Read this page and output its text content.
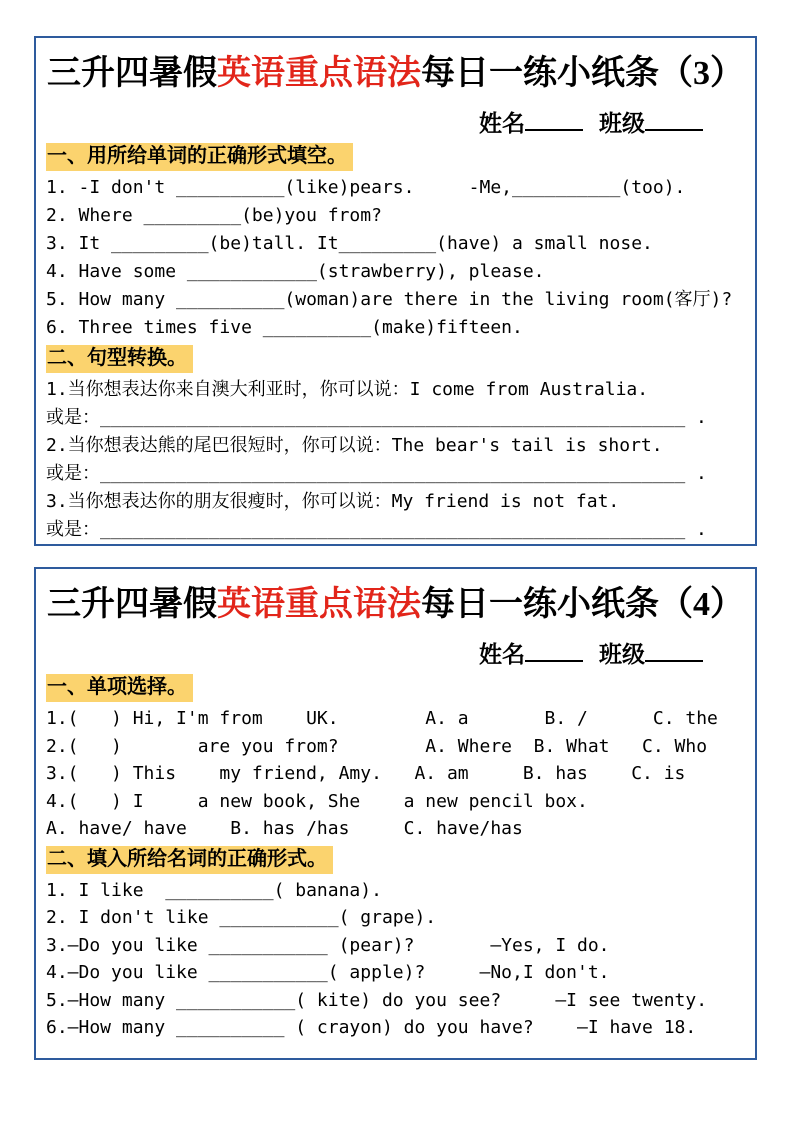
三升四暑假英语重点语法每日一练小纸条（3）
姓名	班级
一、用所给单词的正确形式填空。
1. -I don't __________(like)pears.     -Me,__________(too).
2. Where _________(be)you from?
3. It _________(be)tall. It_________(have) a small nose.
4. Have some ____________(strawberry), please.
5. How many __________(woman)are there in the living room(客厅)?
6. Three times five __________(make)fifteen.
二、句型转换。
1.当你想表达你来自澳大利亚时，你可以说：I come from Australia.
或是：______________________________________________________ .
2.当你想表达熊的尾巴很短时，你可以说：The bear's tail is short.
或是：______________________________________________________ .
3.当你想表达你的朋友很瘦时，你可以说：My friend is not fat.
或是：______________________________________________________ .
三升四暑假英语重点语法每日一练小纸条（4）
姓名	班级
一、单项选择。
1.(   ) Hi, I'm from    UK.        A. a       B. /      C. the
2.(   )       are you from?        A. Where  B. What   C. Who
3.(   ) This    my friend, Amy.   A. am     B. has    C. is
4.(   ) I     a new book, She    a new pencil box.
A. have/ have    B. has /has     C. have/has
二、填入所给名词的正确形式。
1. I like  __________( banana).
2. I don't like ___________( grape).
3.—Do you like ___________ (pear)?       —Yes, I do.
4.—Do you like ___________( apple)?     —No,I don't.
5.—How many ___________( kite) do you see?     —I see twenty.
6.—How many __________ ( crayon) do you have?    —I have 18.
